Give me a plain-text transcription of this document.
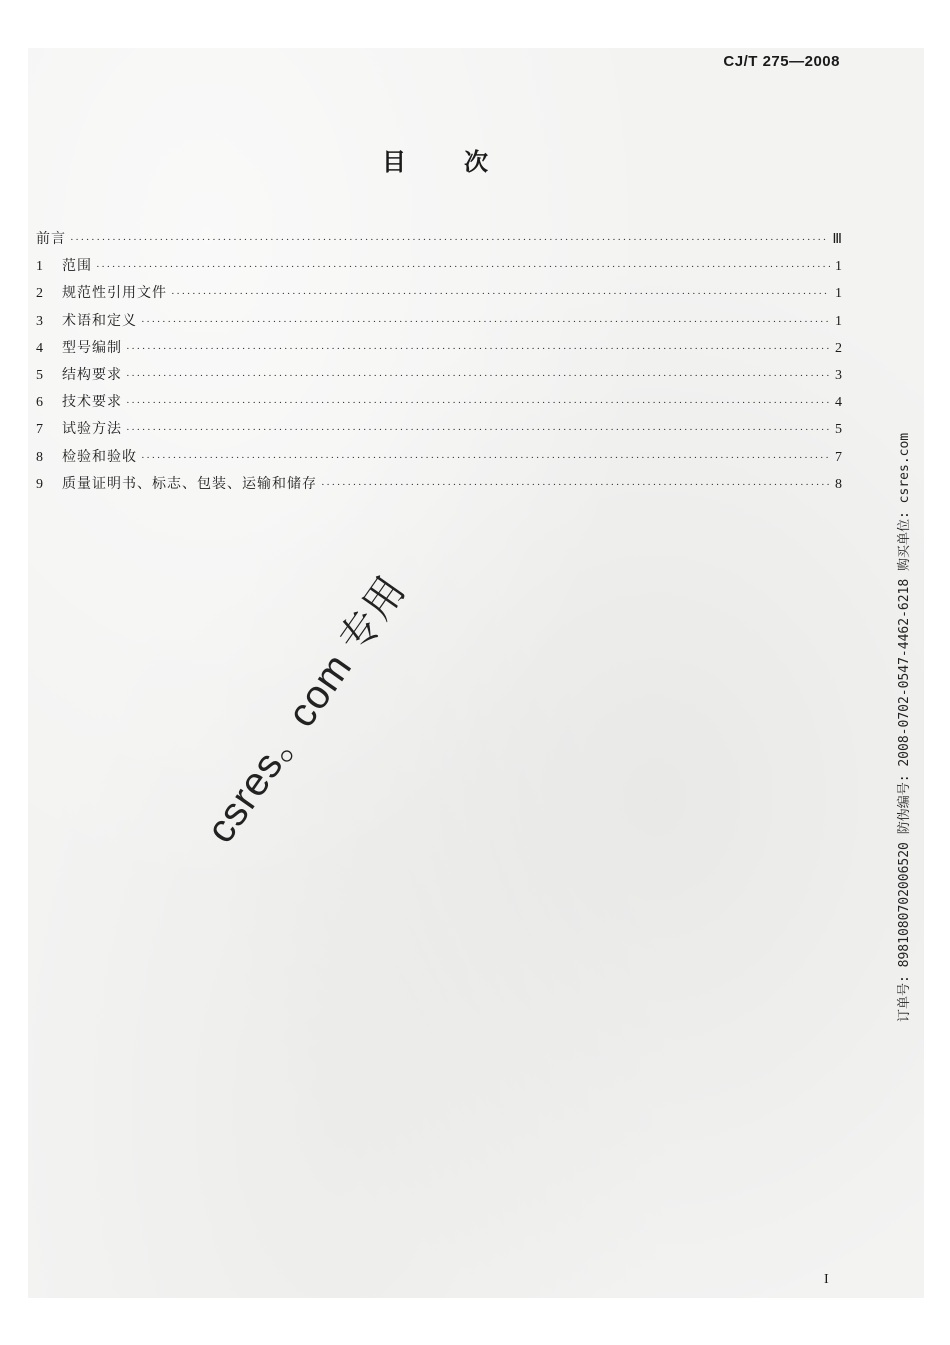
CJ/T 275—2008
目 次
前言 ·····	Ⅲ
1	范围 ·····	1
2	规范性引用文件 ·····	1
3	术语和定义 ·····	1
4	型号编制 ·····	2
5	结构要求 ·····	3
6	技术要求 ·····	4
7	试验方法 ·····	5
8	检验和验收 ·····	7
9	质量证明书、标志、包装、运输和储存 ·····	8
csres。com 专用	订单号: 8981080702006520 防伪编号: 2008-0702-0547-4462-6218 购买单位: csres.com
I
